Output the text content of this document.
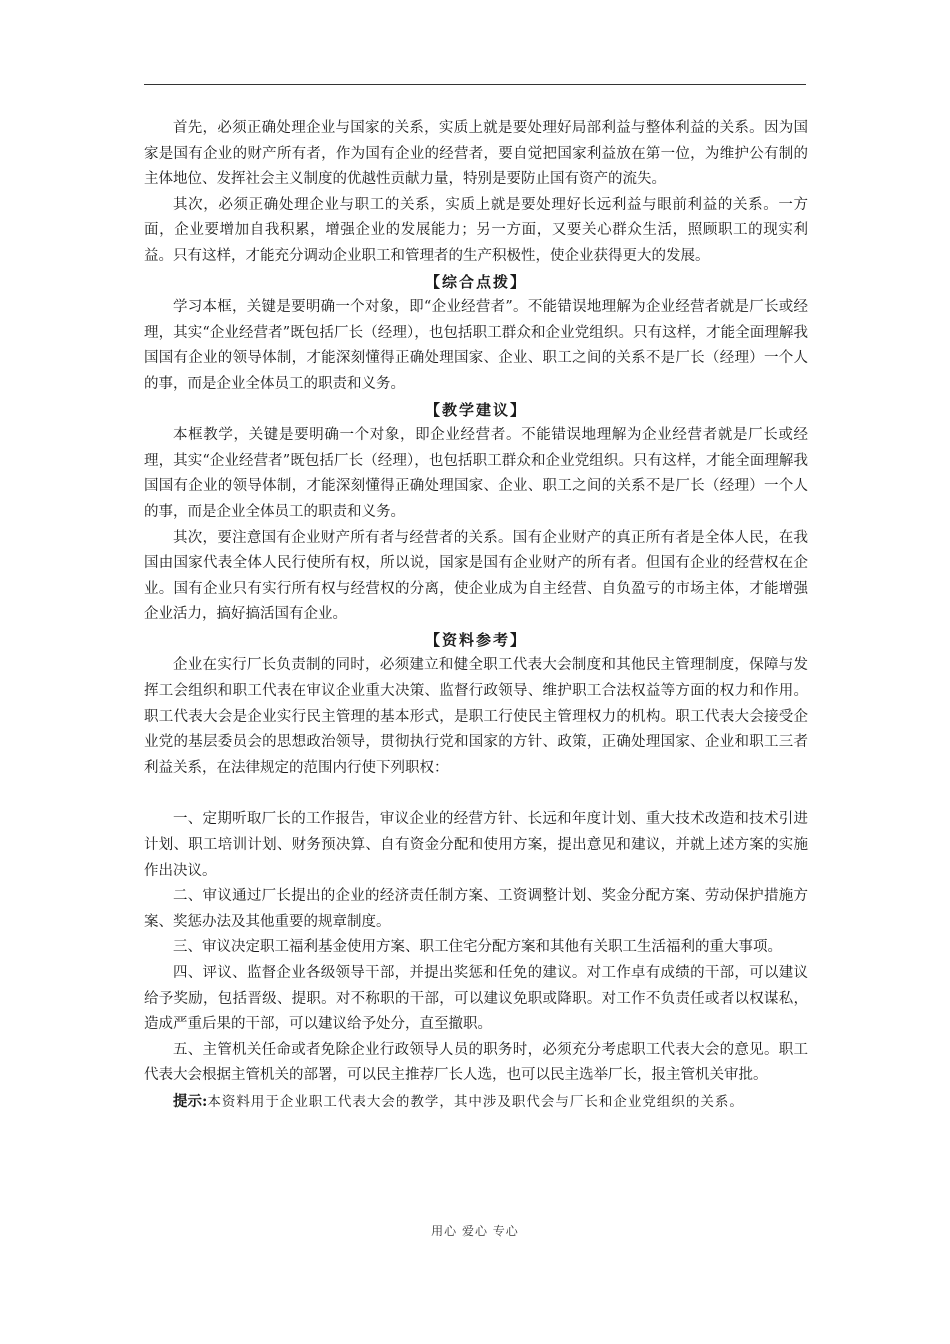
首先，必须正确处理企业与国家的关系，实质上就是要处理好局部利益与整体利益的关系。因为国家是国有企业的财产所有者，作为国有企业的经营者，要自觉把国家利益放在第一位，为维护公有制的主体地位、发挥社会主义制度的优越性贡献力量，特别是要防止国有资产的流失。

其次，必须正确处理企业与职工的关系，实质上就是要处理好长远利益与眼前利益的关系。一方面，企业要增加自我积累，增强企业的发展能力；另一方面，又要关心群众生活，照顾职工的现实利益。只有这样，才能充分调动企业职工和管理者的生产积极性，使企业获得更大的发展。

【综合点拨】

学习本框，关键是要明确一个对象，即“企业经营者”。不能错误地理解为企业经营者就是厂长或经理，其实“企业经营者”既包括厂长（经理），也包括职工群众和企业党组织。只有这样，才能全面理解我国国有企业的领导体制，才能深刻懂得正确处理国家、企业、职工之间的关系不是厂长（经理）一个人的事，而是企业全体员工的职责和义务。

【教学建议】

本框教学，关键是要明确一个对象，即企业经营者。不能错误地理解为企业经营者就是厂长或经理，其实“企业经营者”既包括厂长（经理），也包括职工群众和企业党组织。只有这样，才能全面理解我国国有企业的领导体制，才能深刻懂得正确处理国家、企业、职工之间的关系不是厂长（经理）一个人的事，而是企业全体员工的职责和义务。

其次，要注意国有企业财产所有者与经营者的关系。国有企业财产的真正所有者是全体人民，在我国由国家代表全体人民行使所有权，所以说，国家是国有企业财产的所有者。但国有企业的经营权在企业。国有企业只有实行所有权与经营权的分离，使企业成为自主经营、自负盈亏的市场主体，才能增强企业活力，搞好搞活国有企业。

【资料参考】

企业在实行厂长负责制的同时，必须建立和健全职工代表大会制度和其他民主管理制度，保障与发挥工会组织和职工代表在审议企业重大决策、监督行政领导、维护职工合法权益等方面的权力和作用。职工代表大会是企业实行民主管理的基本形式，是职工行使民主管理权力的机构。职工代表大会接受企业党的基层委员会的思想政治领导，贯彻执行党和国家的方针、政策，正确处理国家、企业和职工三者利益关系，在法律规定的范围内行使下列职权：

一、定期听取厂长的工作报告，审议企业的经营方针、长远和年度计划、重大技术改造和技术引进计划、职工培训计划、财务预决算、自有资金分配和使用方案，提出意见和建议，并就上述方案的实施作出决议。

二、审议通过厂长提出的企业的经济责任制方案、工资调整计划、奖金分配方案、劳动保护措施方案、奖惩办法及其他重要的规章制度。

三、审议决定职工福利基金使用方案、职工住宅分配方案和其他有关职工生活福利的重大事项。

四、评议、监督企业各级领导干部，并提出奖惩和任免的建议。对工作卓有成绩的干部，可以建议给予奖励，包括晋级、提职。对不称职的干部，可以建议免职或降职。对工作不负责任或者以权谋私，造成严重后果的干部，可以建议给予处分，直至撤职。

五、主管机关任命或者免除企业行政领导人员的职务时，必须充分考虑职工代表大会的意见。职工代表大会根据主管机关的部署，可以民主推荐厂长人选，也可以民主选举厂长，报主管机关审批。

提示:本资料用于企业职工代表大会的教学，其中涉及职代会与厂长和企业党组织的关系。

用心 爱心 专心
